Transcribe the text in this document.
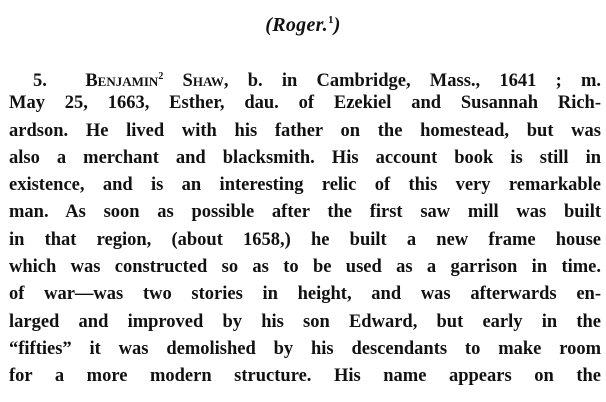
(Roger.$^1$)
5. Benjamin$^2$ Shaw, b. in Cambridge, Mass., 1641 ; m.
May 25, 1663, Esther, dau. of Ezekiel and Susannah Rich-
ardson. He lived with his father on the homestead, but was
also a merchant and blacksmith. His account book is still in
existence, and is an interesting relic of this very remarkable
man. As soon as possible after the first saw mill was built
in that region, (about 1658,) he built a new frame house
which was constructed so as to be used as a garrison in time.
of war—was two stories in height, and was afterwards en-
larged and improved by his son Edward, but early in the
“fifties” it was demolished by his descendants to make room
for a more modern structure. His name appears on the
